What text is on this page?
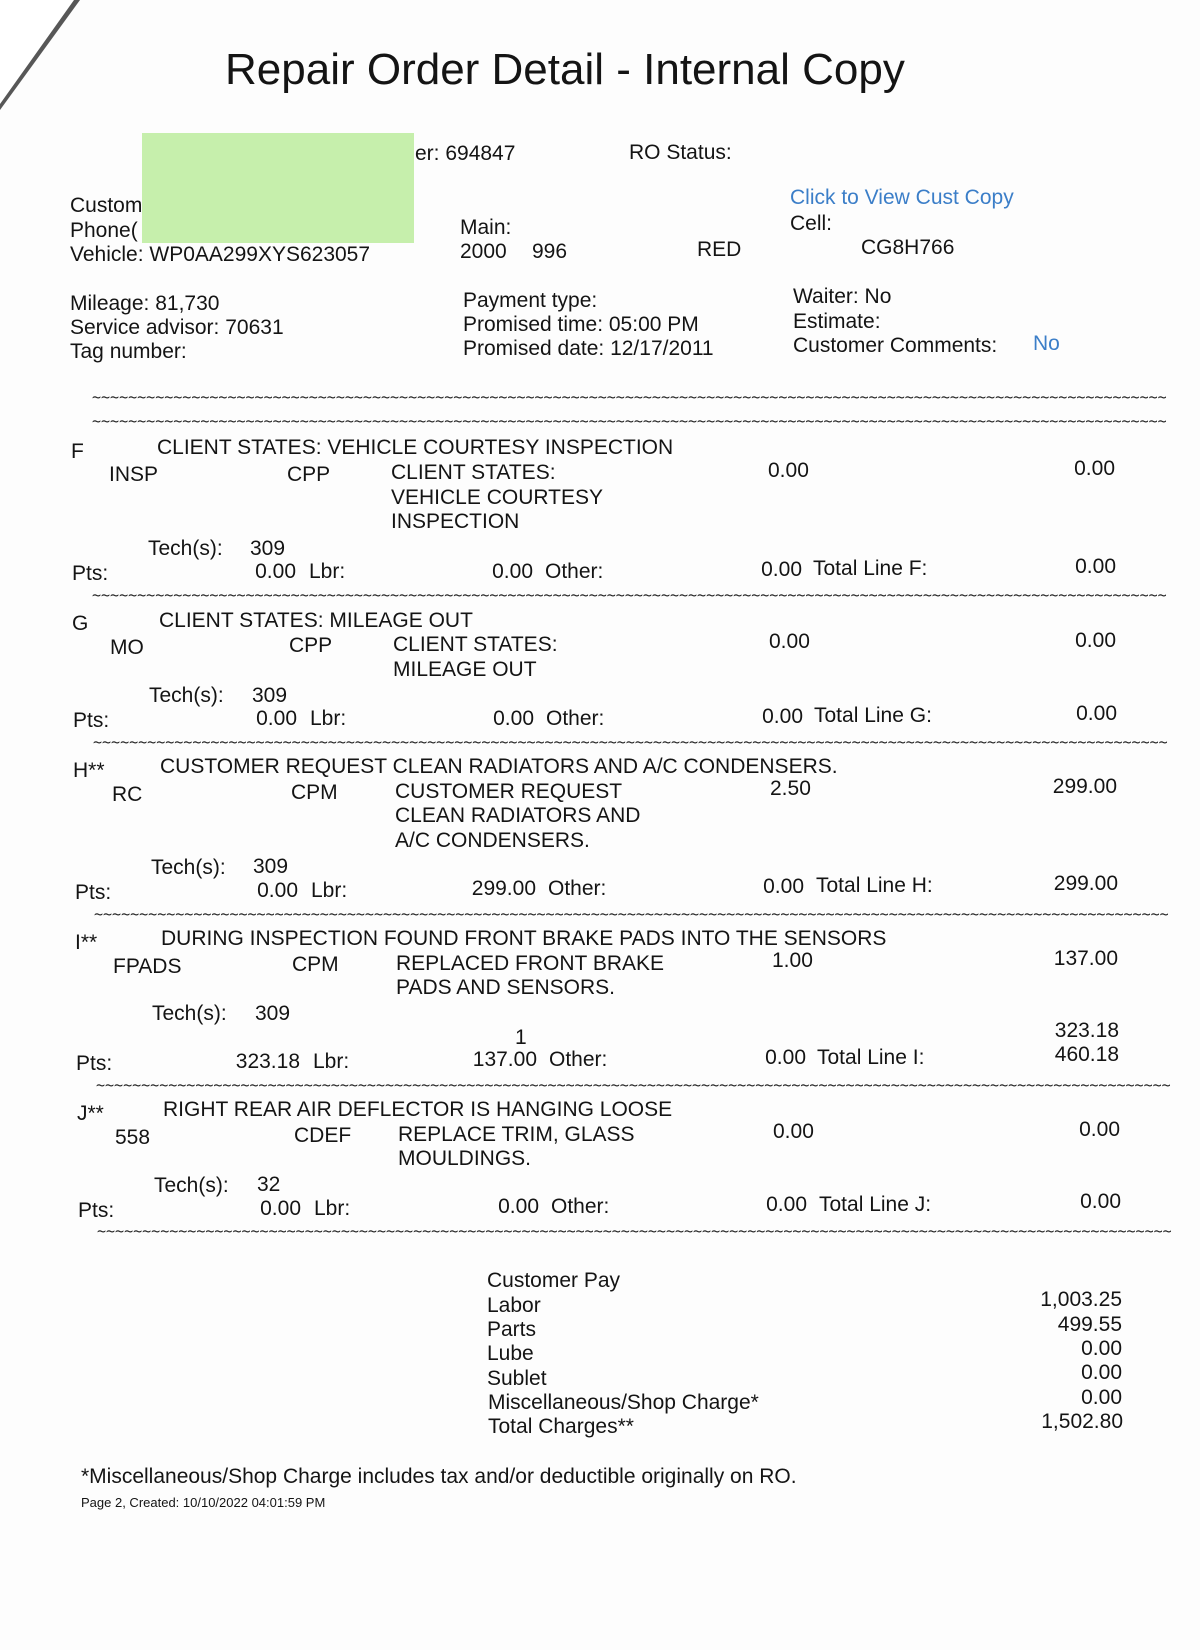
Repair Order Detail - Internal Copy
er: 694847	RO Status:
Custom
Phone(
Vehicle: WP0AA299XYS623057
Click to View Cust Copy
Main:	Cell:
2000 996	RED	CG8H766
Mileage: 81,730
Service advisor: 70631
Tag number:
Payment type:
Promised time: 05:00 PM
Promised date: 12/17/2011
Waiter: No
Estimate:
Customer Comments: No
~~~~~~~~~~~~~~~~~~~~~~~~~~~~~~~~~~~~~~~~~~~~~~~~~~~~~~~~~~~~~~~~~~~~~~~~~~~~~~~~~~~~~~~~~~~~~~~~~~~~~~~~~~~~~~~~~~~~~~~
~~~~~~~~~~~~~~~~~~~~~~~~~~~~~~~~~~~~~~~~~~~~~~~~~~~~~~~~~~~~~~~~~~~~~~~~~~~~~~~~~~~~~~~~~~~~~~~~~~~~~~~~~~~~~~~~~~~~~~~
F	CLIENT STATES: VEHICLE COURTESY INSPECTION
INSP	CPP	CLIENT STATES:
VEHICLE COURTESY
INSPECTION
0.00	0.00
Tech(s): 309
Pts:	0.00 Lbr:	0.00 Other:	0.00 Total Line F:	0.00
~~~~~~~~~~~~~~~~~~~~~~~~~~~~~~~~~~~~~~~~~~~~~~~~~~~~~~~~~~~~~~~~~~~~~~~~~~~~~~~~~~~~~~~~~~~~~~~~~~~~~~~~~~~~~~~~~~~~~~~
G	CLIENT STATES: MILEAGE OUT
MO	CPP	CLIENT STATES:
MILEAGE OUT
0.00	0.00
Tech(s): 309
Pts:	0.00 Lbr:	0.00 Other:	0.00 Total Line G:	0.00
~~~~~~~~~~~~~~~~~~~~~~~~~~~~~~~~~~~~~~~~~~~~~~~~~~~~~~~~~~~~~~~~~~~~~~~~~~~~~~~~~~~~~~~~~~~~~~~~~~~~~~~~~~~~~~~~~~~~~~~
H**	CUSTOMER REQUEST CLEAN RADIATORS AND A/C CONDENSERS.
RC	CPM	CUSTOMER REQUEST
CLEAN RADIATORS AND
A/C CONDENSERS.
2.50	299.00
Tech(s): 309
Pts:	0.00 Lbr:	299.00 Other:	0.00 Total Line H:	299.00
~~~~~~~~~~~~~~~~~~~~~~~~~~~~~~~~~~~~~~~~~~~~~~~~~~~~~~~~~~~~~~~~~~~~~~~~~~~~~~~~~~~~~~~~~~~~~~~~~~~~~~~~~~~~~~~~~~~~~~~
I**	DURING INSPECTION FOUND FRONT BRAKE PADS INTO THE SENSORS
FPADS	CPM	REPLACED FRONT BRAKE
PADS AND SENSORS.
1.00	137.00
Tech(s): 309
1	323.18
Pts:	323.18 Lbr:	137.00 Other:	0.00 Total Line I:	460.18
~~~~~~~~~~~~~~~~~~~~~~~~~~~~~~~~~~~~~~~~~~~~~~~~~~~~~~~~~~~~~~~~~~~~~~~~~~~~~~~~~~~~~~~~~~~~~~~~~~~~~~~~~~~~~~~~~~~~~~~
J**	RIGHT REAR AIR DEFLECTOR IS HANGING LOOSE
558	CDEF REPLACE TRIM, GLASS
MOULDINGS.
0.00	0.00
Tech(s): 32
Pts:	0.00 Lbr:	0.00 Other:	0.00 Total Line J:	0.00
~~~~~~~~~~~~~~~~~~~~~~~~~~~~~~~~~~~~~~~~~~~~~~~~~~~~~~~~~~~~~~~~~~~~~~~~~~~~~~~~~~~~~~~~~~~~~~~~~~~~~~~~~~~~~~~~~~~~~~~
Customer Pay
Labor	1,003.25
Parts	499.55
Lube	0.00
Sublet	0.00
Miscellaneous/Shop Charge*	0.00
Total Charges**	1,502.80
*Miscellaneous/Shop Charge includes tax and/or deductible originally on RO.
Page 2, Created: 10/10/2022 04:01:59 PM
